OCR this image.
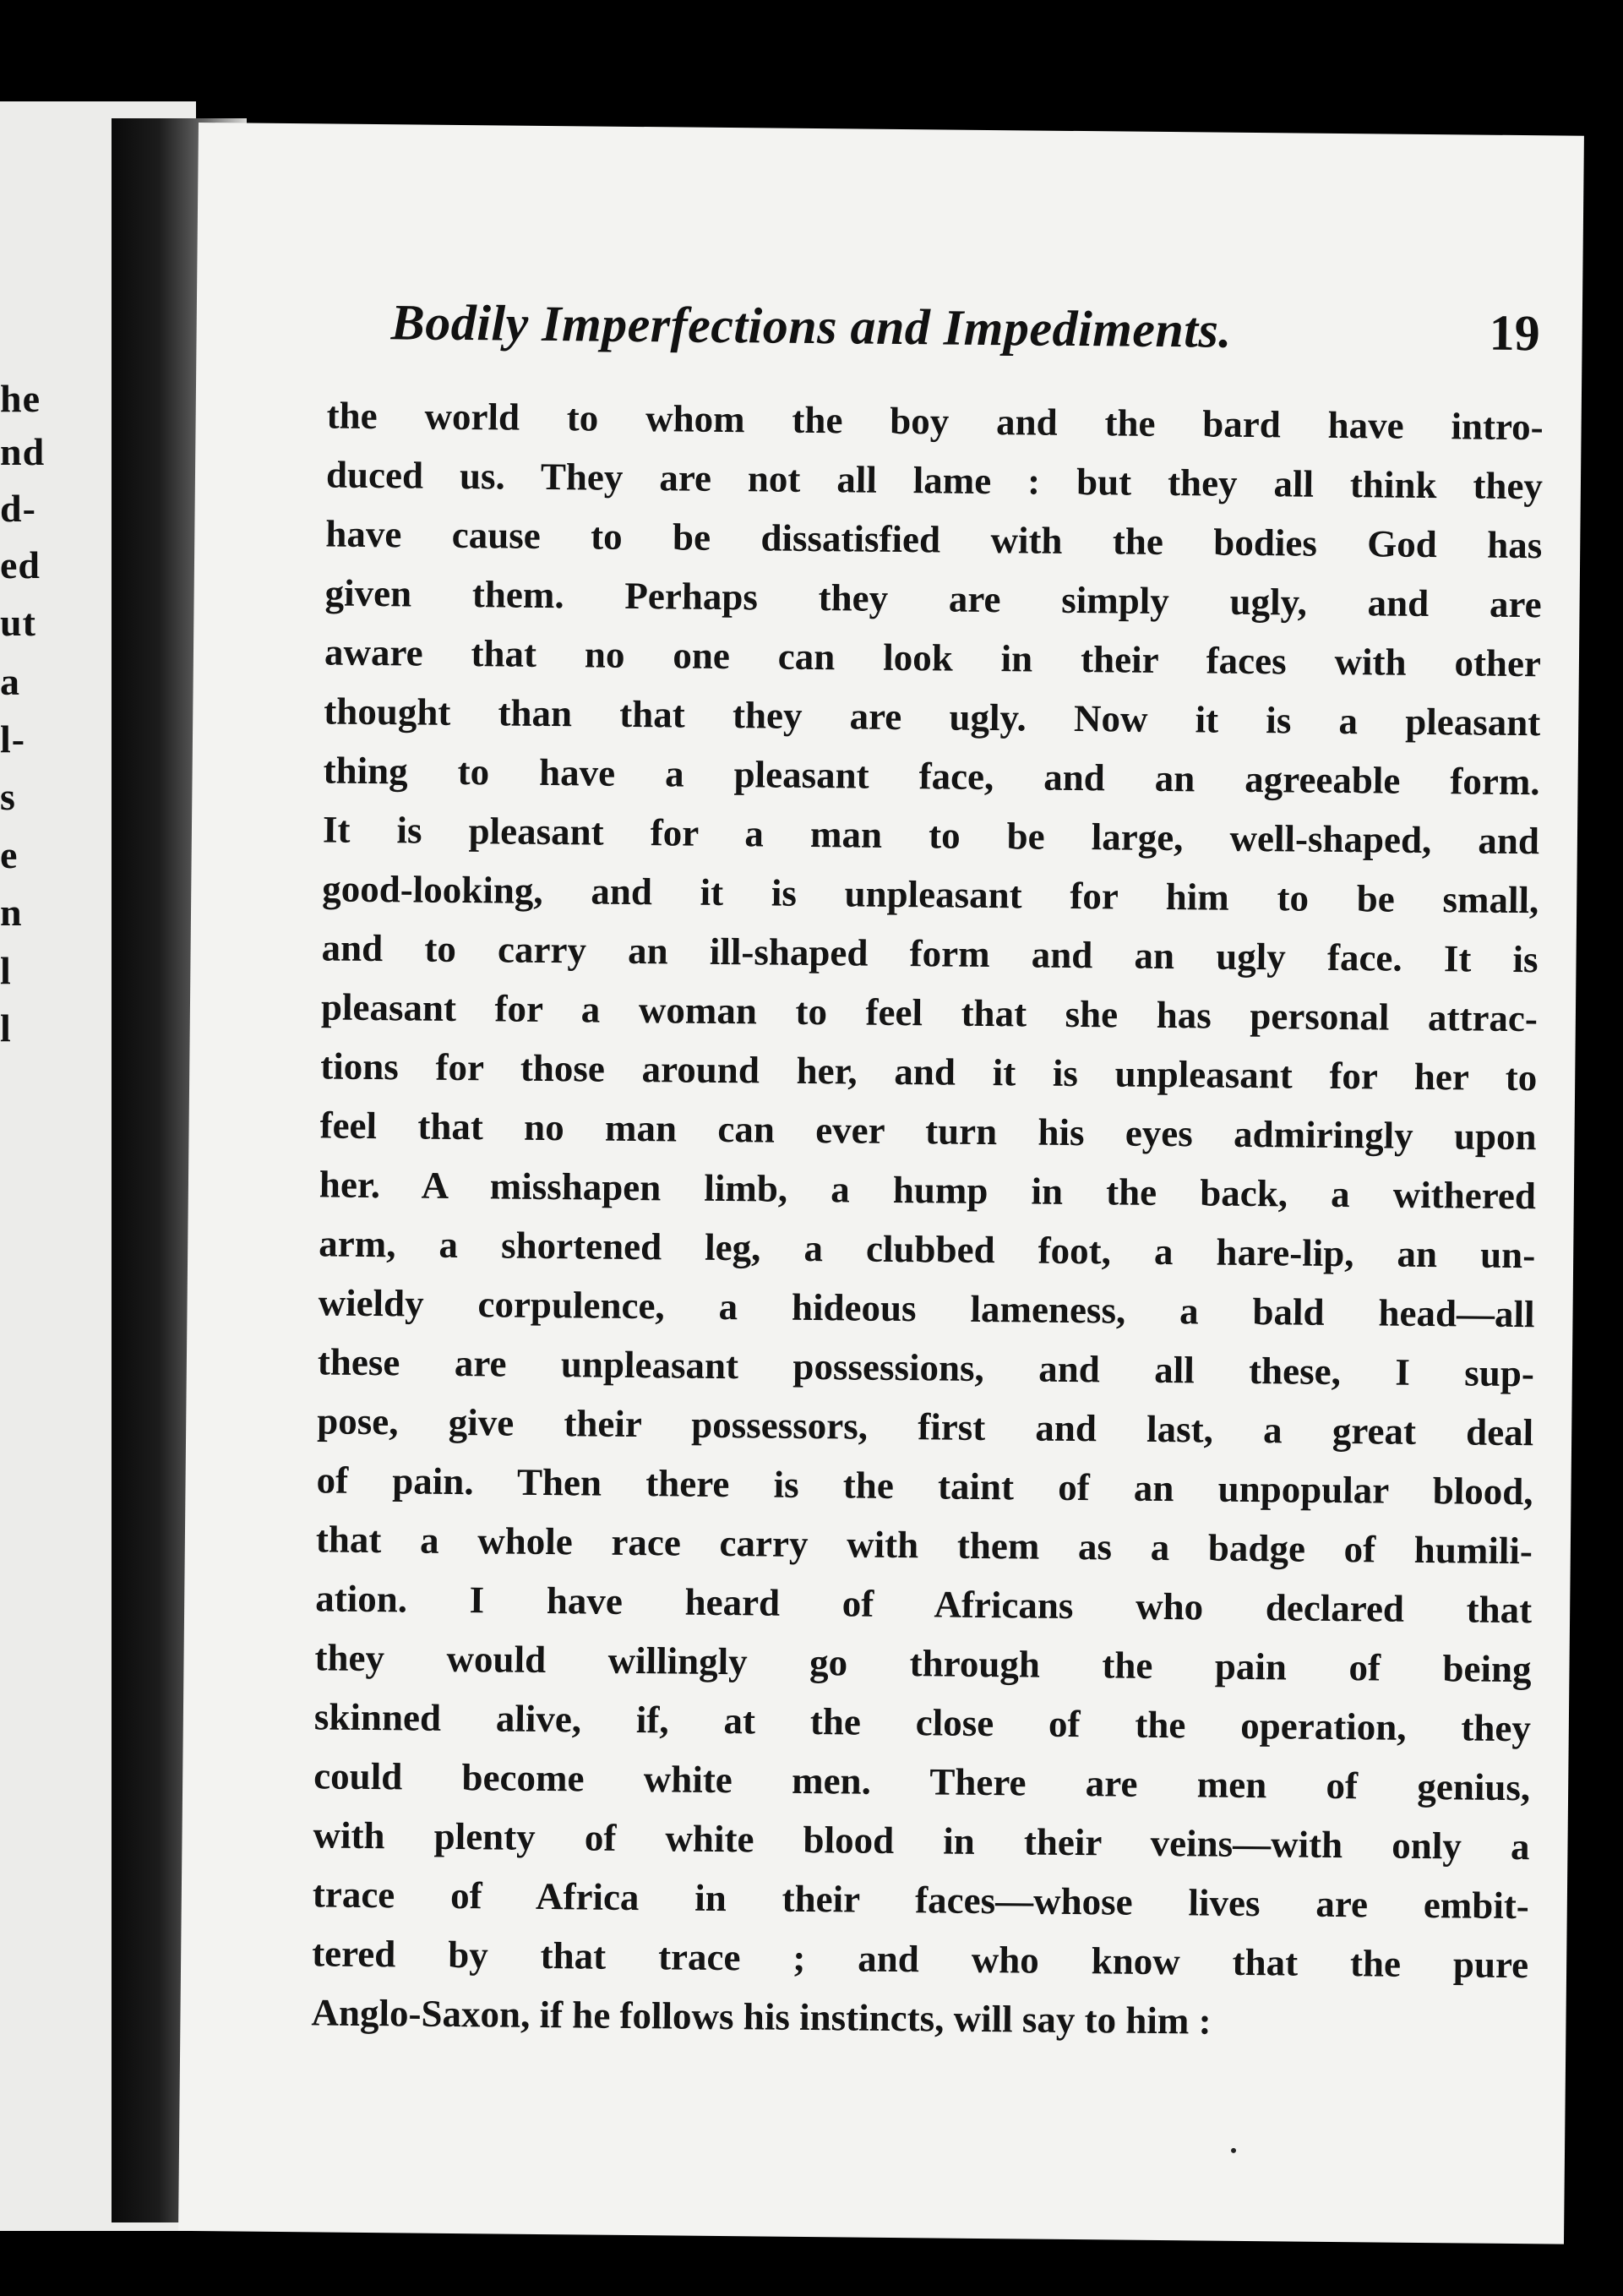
he
nd
d-
ed
ut
a
l-
s
e
n
l
l
Bodily Imperfections and Impediments.	19
the world to whom the boy and the bard have intro-
duced us. They are not all lame : but they all think they
have cause to be dissatisfied with the bodies God has
given them. Perhaps they are simply ugly, and are
aware that no one can look in their faces with other
thought than that they are ugly. Now it is a pleasant
thing to have a pleasant face, and an agreeable form.
It is pleasant for a man to be large, well-shaped, and
good-looking, and it is unpleasant for him to be small,
and to carry an ill-shaped form and an ugly face. It is
pleasant for a woman to feel that she has personal attrac-
tions for those around her, and it is unpleasant for her to
feel that no man can ever turn his eyes admiringly upon
her. A misshapen limb, a hump in the back, a withered
arm, a shortened leg, a clubbed foot, a hare-lip, an un-
wieldy corpulence, a hideous lameness, a bald head—all
these are unpleasant possessions, and all these, I sup-
pose, give their possessors, first and last, a great deal
of pain. Then there is the taint of an unpopular blood,
that a whole race carry with them as a badge of humili-
ation. I have heard of Africans who declared that
they would willingly go through the pain of being
skinned alive, if, at the close of the operation, they
could become white men. There are men of genius,
with plenty of white blood in their veins—with only a
trace of Africa in their faces—whose lives are embit-
tered by that trace ; and who know that the pure
Anglo-Saxon, if he follows his instincts, will say to him :
